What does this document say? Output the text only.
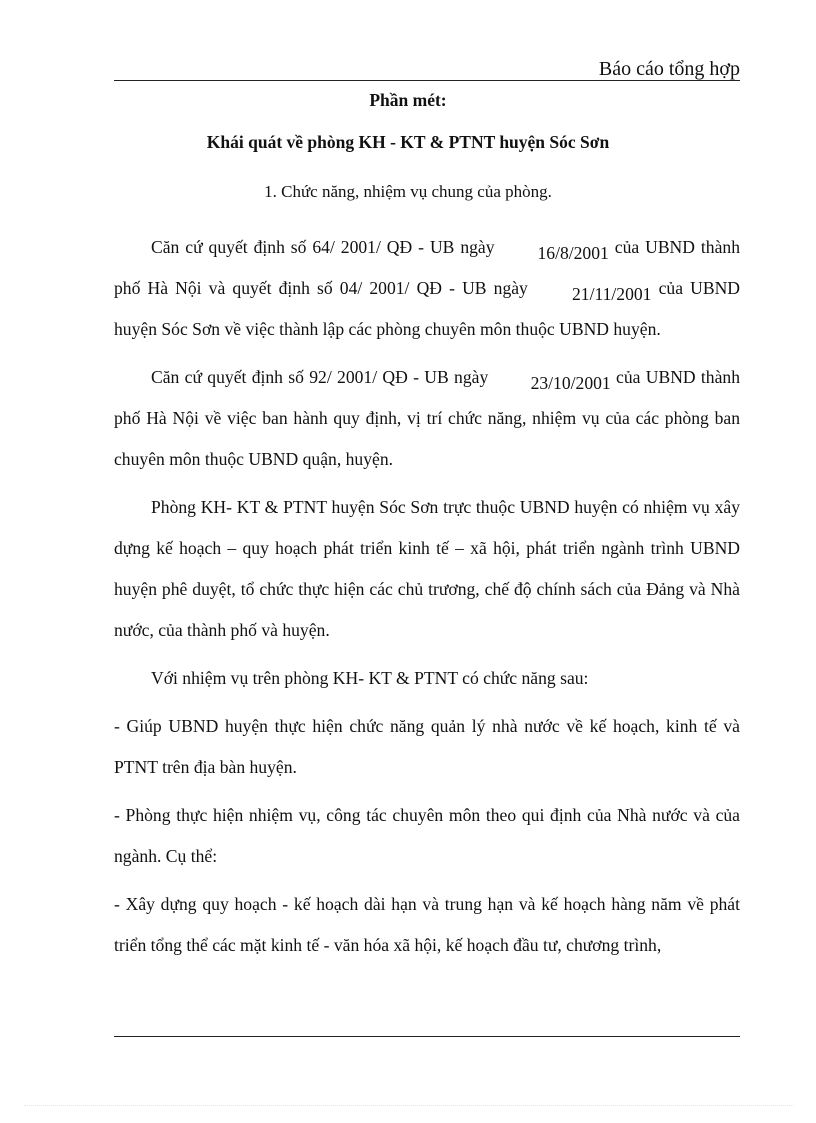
Báo cáo tổng hợp
Phần mét:
Khái quát về phòng KH - KT & PTNT huyện Sóc Sơn
1. Chức năng, nhiệm vụ chung của phòng.

Căn cứ quyết định số 64/ 2001/ QĐ - UB ngày 16/8/2001 của UBND thành phố Hà Nội và quyết định số 04/ 2001/ QĐ - UB ngày 21/11/2001 của UBND huyện Sóc Sơn về việc thành lập các phòng chuyên môn thuộc UBND huyện.

Căn cứ quyết định số 92/ 2001/ QĐ - UB ngày 23/10/2001 của UBND thành phố Hà Nội về việc ban hành quy định, vị trí chức năng, nhiệm vụ của các phòng ban chuyên môn thuộc UBND quận, huyện.

Phòng KH- KT & PTNT huyện Sóc Sơn trực thuộc UBND huyện có nhiệm vụ xây dựng kế hoạch – quy hoạch phát triển kinh tế – xã hội, phát triển ngành trình UBND huyện phê duyệt, tổ chức thực hiện các chủ trương, chế độ chính sách của Đảng và Nhà nước, của thành phố và huyện.

Với nhiệm vụ trên phòng KH- KT & PTNT có chức năng sau:

- Giúp UBND huyện thực hiện chức năng quản lý nhà nước về kế hoạch, kinh tế và PTNT trên địa bàn huyện.

- Phòng thực hiện nhiệm vụ, công tác chuyên môn theo qui định của Nhà nước và của ngành. Cụ thể:

- Xây dựng quy hoạch - kế hoạch dài hạn và trung hạn và kế hoạch hàng năm về phát triển tổng thể các mặt kinh tế - văn hóa xã hội, kế hoạch đầu tư, chương trình,
